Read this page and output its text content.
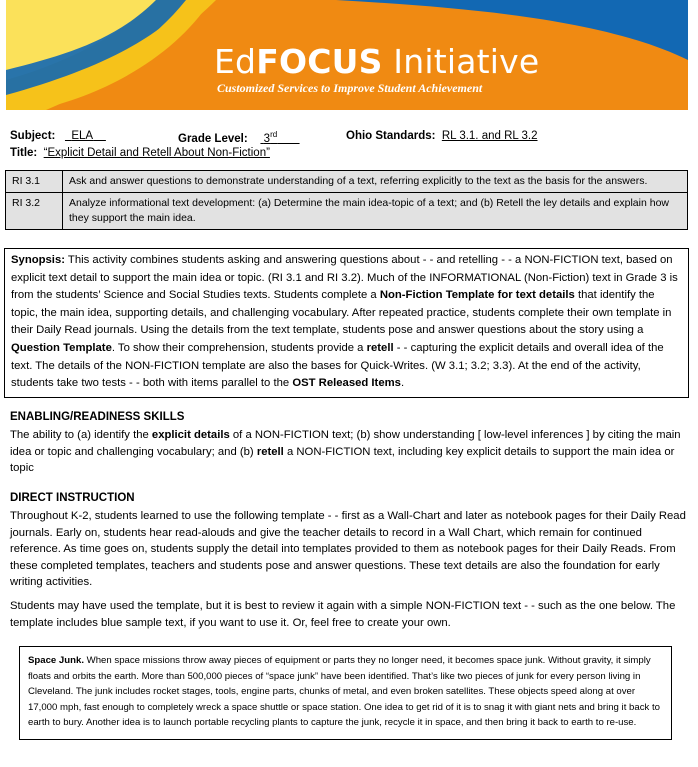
EdFOCUS Initiative
Customized Services to Improve Student Achievement
Subject: ELA	Grade Level: 3rd	Ohio Standards: RL 3.1. and RL 3.2
Title: “Explicit Detail and Retell About Non-Fiction”
RI 3.1	Ask and answer questions to demonstrate understanding of a text, referring explicitly to the text as the basis for the answers.
RI 3.2	Analyze informational text development: (a) Determine the main idea-topic of a text; and (b) Retell the ley details and explain how they support the main idea.
Synopsis: This activity combines students asking and answering questions about - - and retelling - - a NON-FICTION text, based on explicit text detail to support the main idea or topic. (RI 3.1 and RI 3.2). Much of the INFORMATIONAL (Non-Fiction) text in Grade 3 is from the students’ Science and Social Studies texts. Students complete a Non-Fiction Template for text details that identify the topic, the main idea, supporting details, and challenging vocabulary. After repeated practice, students complete their own template in their Daily Read journals. Using the details from the text template, students pose and answer questions about the story using a Question Template. To show their comprehension, students provide a retell - - capturing the explicit details and overall idea of the text. The details of the NON-FICTION template are also the bases for Quick-Writes. (W 3.1; 3.2; 3.3). At the end of the activity, students take two tests - - both with items parallel to the OST Released Items.
ENABLING/READINESS SKILLS
The ability to (a) identify the explicit details of a NON-FICTION text; (b) show understanding [ low-level inferences ] by citing the main idea or topic and challenging vocabulary; and (b) retell a NON-FICTION text, including key explicit details to support the main idea or topic
DIRECT INSTRUCTION
Throughout K-2, students learned to use the following template - - first as a Wall-Chart and later as notebook pages for their Daily Read journals. Early on, students hear read-alouds and give the teacher details to record in a Wall Chart, which remain for continued reference. As time goes on, students supply the detail into templates provided to them as notebook pages for their Daily Reads. From these completed templates, teachers and students pose and answer questions. These text details are also the foundation for early writing activities.
Students may have used the template, but it is best to review it again with a simple NON-FICTION text - - such as the one below. The template includes blue sample text, if you want to use it. Or, feel free to create your own.
Space Junk. When space missions throw away pieces of equipment or parts they no longer need, it becomes space junk. Without gravity, it simply floats and orbits the earth. More than 500,000 pieces of “space junk” have been identified. That’s like two pieces of junk for every person living in Cleveland. The junk includes rocket stages, tools, engine parts, chunks of metal, and even broken satellites. These objects speed along at over 17,000 mph, fast enough to completely wreck a space shuttle or space station. One idea to get rid of it is to snag it with giant nets and bring it back to earth to bury. Another idea is to launch portable recycling plants to capture the junk, recycle it in space, and then bring it back to earth to re-use.
